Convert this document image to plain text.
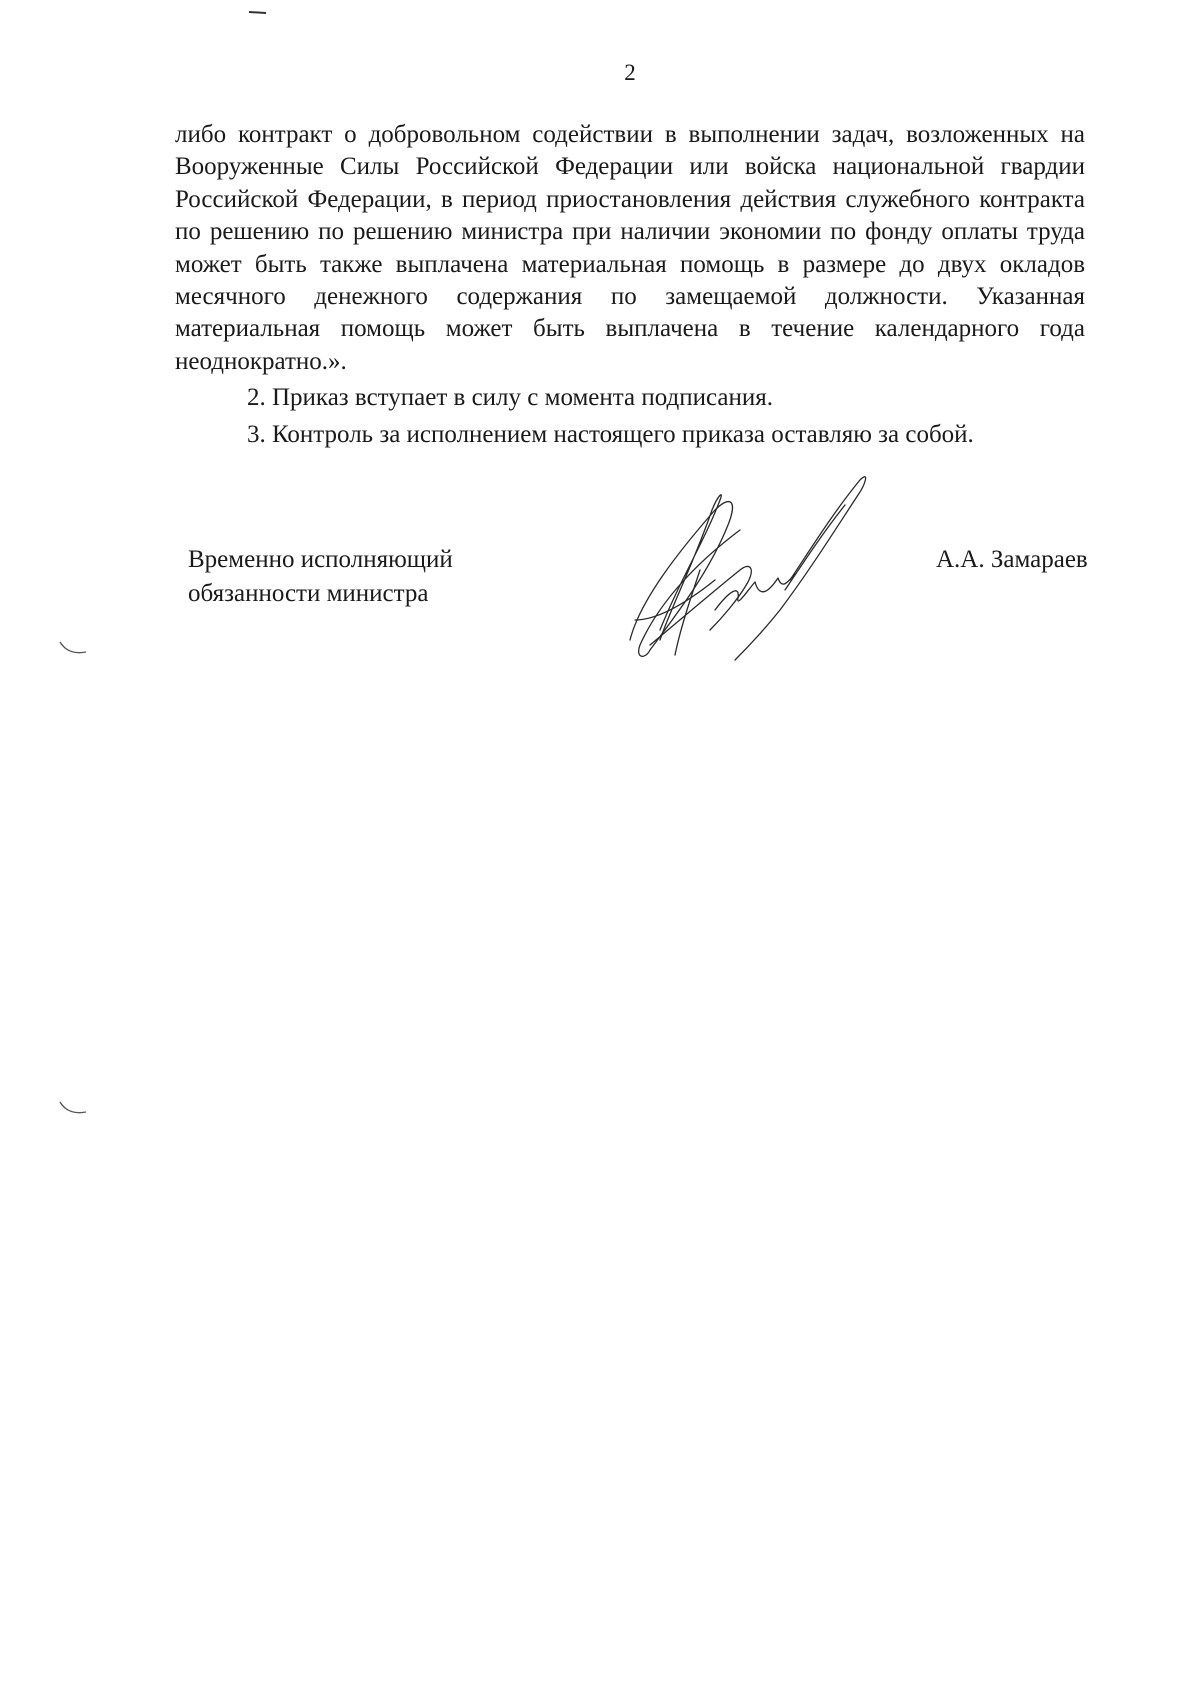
2

либо контракт о добровольном содействии в выполнении задач, возложенных на Вооруженные Силы Российской Федерации или войска национальной гвардии Российской Федерации, в период приостановления действия служебного контракта по решению по решению министра при наличии экономии по фонду оплаты труда может быть также выплачена материальная помощь в размере до двух окладов месячного денежного содержания по замещаемой должности. Указанная материальная помощь может быть выплачена в течение календарного года неоднократно.».

2. Приказ вступает в силу с момента подписания.

3. Контроль за исполнением настоящего приказа оставляю за собой.

Временно исполняющий
обязанности министра
А.А. Замараев
